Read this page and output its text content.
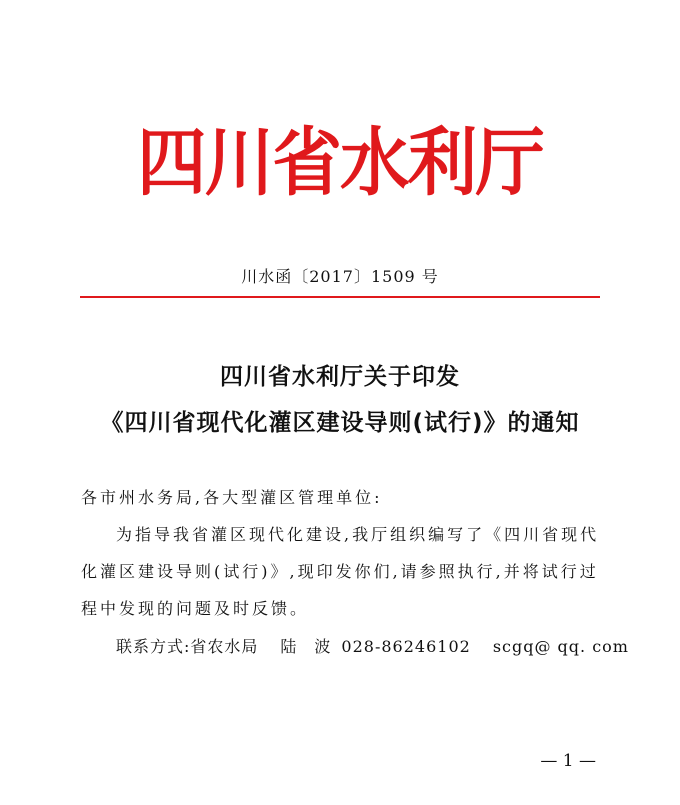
四川省水利厅
川水函〔2017〕1509 号
四川省水利厅关于印发
《四川省现代化灌区建设导则(试行)》的通知
各市州水务局,各大型灌区管理单位:
为指导我省灌区现代化建设,我厅组织编写了《四川省现代
化灌区建设导则(试行)》,现印发你们,请参照执行,并将试行过
程中发现的问题及时反馈。
联系方式:省农水局 陆　波 028-86246102 scgq@ qq. com
— 1 —
